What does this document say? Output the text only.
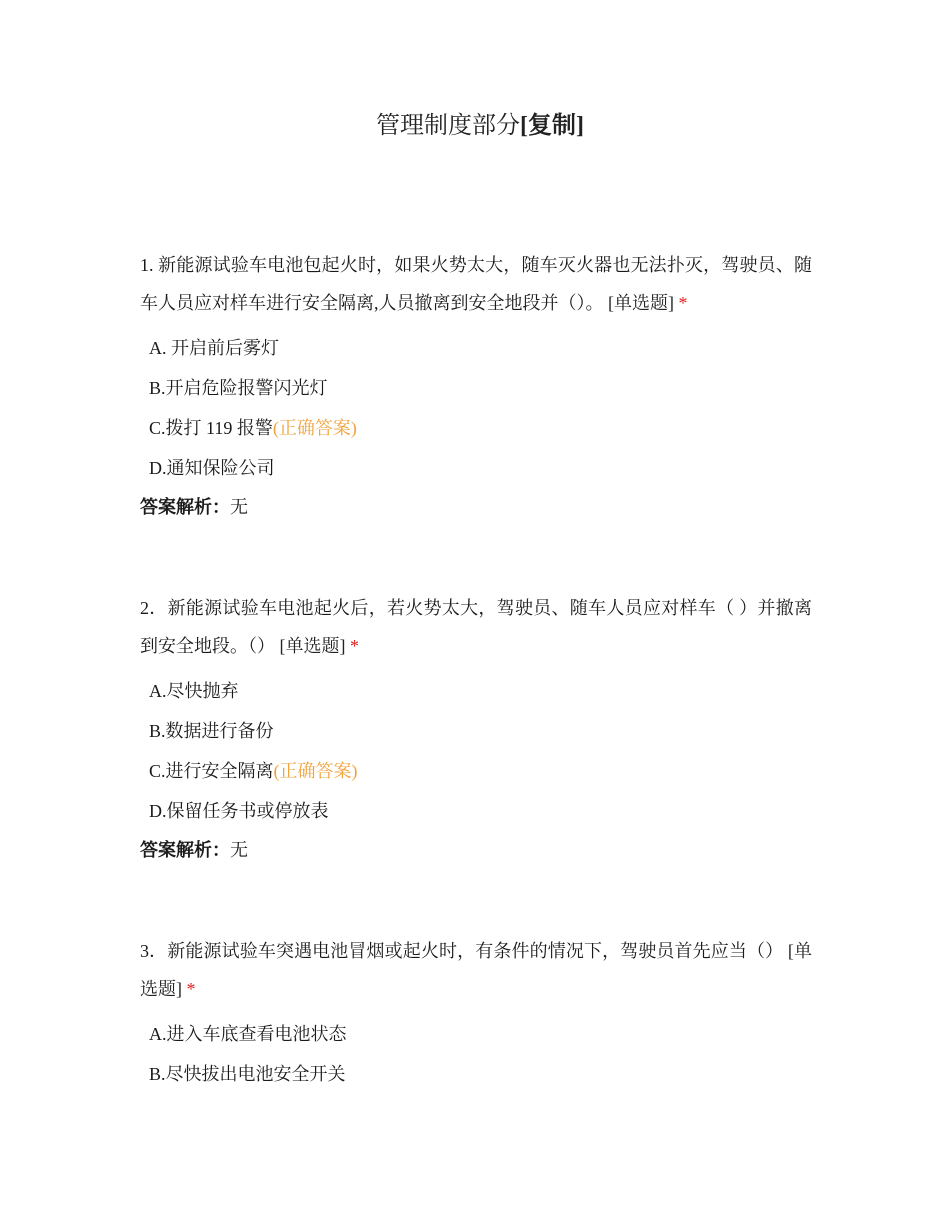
管理制度部分[复制]

1. 新能源试验车电池包起火时，如果火势太大，随车灭火器也无法扑灭，驾驶员、随车人员应对样车进行安全隔离,人员撤离到安全地段并（）。 [单选题] *

A. 开启前后雾灯
B.开启危险报警闪光灯
C.拨打 119 报警(正确答案)
D.通知保险公司
答案解析：无

2．新能源试验车电池起火后，若火势太大，驾驶员、随车人员应对样车（ ）并撤离到安全地段。（） [单选题] *

A.尽快抛弃
B.数据进行备份
C.进行安全隔离(正确答案)
D.保留任务书或停放表
答案解析：无

3．新能源试验车突遇电池冒烟或起火时，有条件的情况下，驾驶员首先应当（） [单选题] *

A.进入车底查看电池状态
B.尽快拔出电池安全开关
